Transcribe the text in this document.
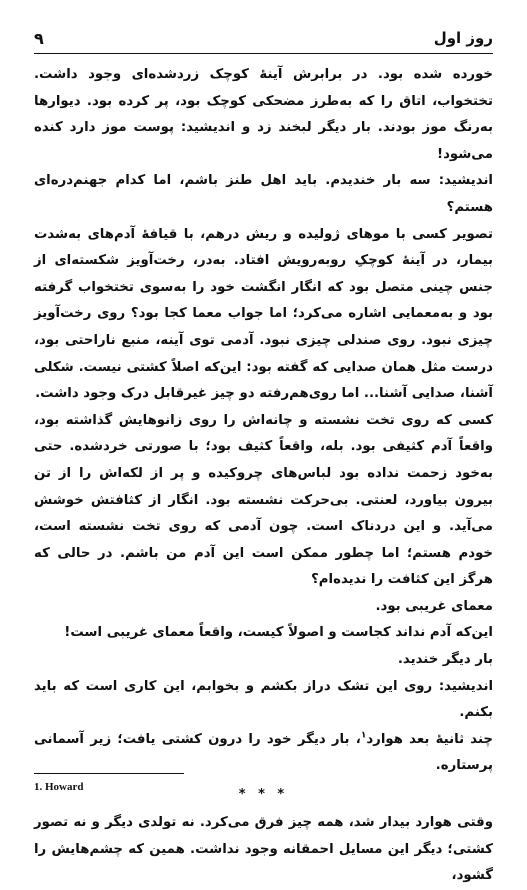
۹	روز اول

خورده شده بود. در برابرش آینهٔ کوچک زردشده‌ای وجود داشت. تختخواب، اتاق را که به‌طرز مضحکی کوچک بود، پر کرده بود. دیوارها به‌رنگ موز بودند. بار دیگر لبخند زد و اندیشید: پوست موز دارد کنده می‌شود!

اندیشید: سه بار خندیدم. باید اهل طنز باشم، اما کدام جهنم‌دره‌ای هستم؟

تصویر کسی با موهای ژولیده و ریش درهم، با قیافهٔ آدم‌های به‌شدت بیمار، در آینهٔ کوچکِ روبه‌رویش افتاد. به‌در، رخت‌آویز شکسته‌ای از جنس چینی متصل بود که انگار انگشت خود را به‌سوی تختخواب گرفته بود و به‌معمایی اشاره می‌کرد؛ اما جواب معما کجا بود؟ روی رخت‌آویز چیزی نبود. روی صندلی چیزی نبود. آدمی توی آینه، منبع ناراحتی بود، درست مثل همان صدایی که گفته بود: این‌که اصلاً کشتی نیست. شکلی آشنا، صدایی آشنا... اما روی‌هم‌رفته دو چیز غیرقابل درک وجود داشت.

کسی که روی تخت نشسته و چانه‌اش را روی زانوهایش گذاشته بود، واقعاً آدم کثیفی بود. بله، واقعاً کثیف بود؛ با صورتی خردشده. حتی به‌خود زحمت نداده بود لباس‌های چروکیده و پر از لکه‌اش را از تن بیرون بیاورد، لعنتی. بی‌حرکت نشسته بود. انگار از کثافتش خوشش می‌آید. و این دردناک است. چون آدمی که روی تخت نشسته است، خودم هستم؛ اما چطور ممکن است این آدم من باشم. در حالی که هرگز این کثافت را ندیده‌ام؟

معمای غریبی بود.

این‌که آدم نداند کجاست و اصولاً کیست، واقعاً معمای غریبی است!

بار دیگر خندید.

اندیشید: روی این تشک دراز بکشم و بخوابم، این کاری است که باید بکنم.

چند ثانیهٔ بعد هوارد$^۱$، بار دیگر خود را درون کشتی یافت؛ زیر آسمانی پرستاره.

* * *

وقتی هوارد بیدار شد، همه چیز فرق می‌کرد. نه تولدی دیگر و نه تصور کشتی؛ دیگر این مسایل احمقانه وجود نداشت. همین که چشم‌هایش را گشود،

1. Howard
